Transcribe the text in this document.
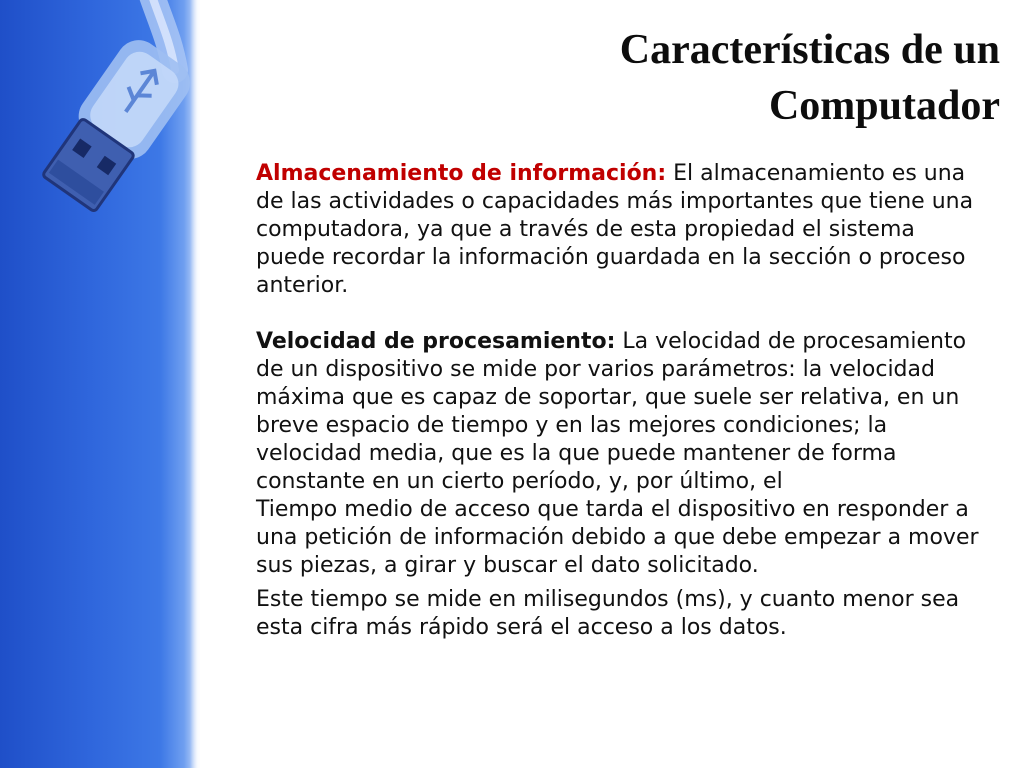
Características de un
Computador

Almacenamiento de información: El almacenamiento es una de las actividades o capacidades más importantes que tiene una computadora, ya que a través de esta propiedad el sistema puede recordar la información guardada en la sección o proceso anterior.

Velocidad de procesamiento: La velocidad de procesamiento de un dispositivo se mide por varios parámetros: la velocidad máxima que es capaz de soportar, que suele ser relativa, en un breve espacio de tiempo y en las mejores condiciones; la velocidad media, que es la que puede mantener de forma constante en un cierto período, y, por último, el
Tiempo medio de acceso que tarda el dispositivo en responder a una petición de información debido a que debe empezar a mover sus piezas, a girar y buscar el dato solicitado.

Este tiempo se mide en milisegundos (ms), y cuanto menor sea esta cifra más rápido será el acceso a los datos.
